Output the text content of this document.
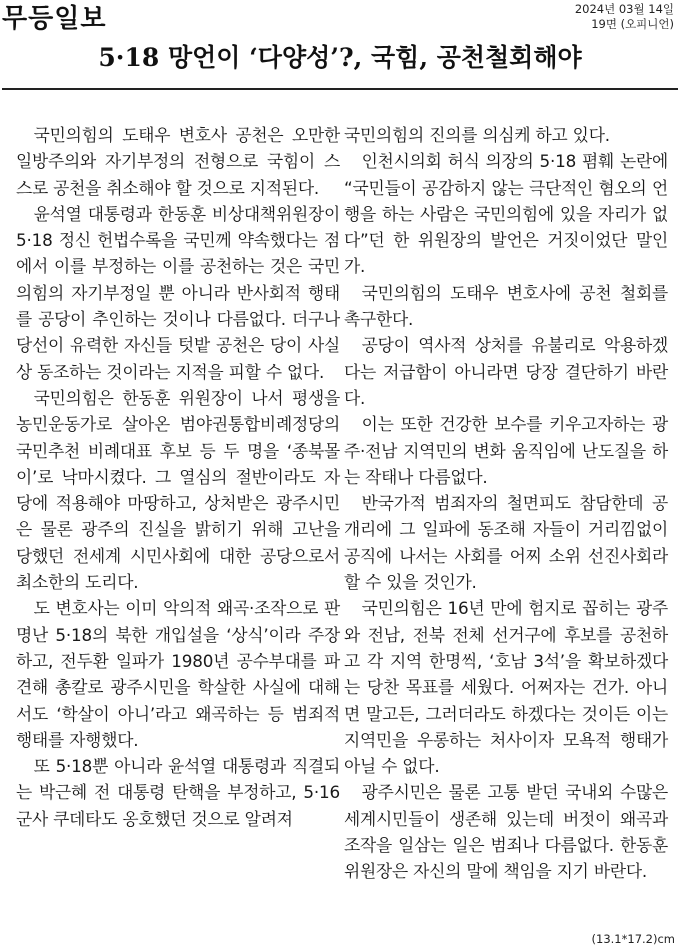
무등일보	2024년 03월 14일
19면 (오피니언)
5·18 망언이 ‘다양성’?, 국힘, 공천철회해야

국민의힘의 도태우 변호사 공천은 오만한 일방주의와 자기부정의 전형으로 국힘이 스스로 공천을 취소해야 할 것으로 지적된다.

윤석열 대통령과 한동훈 비상대책위원장이 5·18 정신 헌법수록을 국민께 약속했다는 점에서 이를 부정하는 이를 공천하는 것은 국민의힘의 자기부정일 뿐 아니라 반사회적 행태를 공당이 추인하는 것이나 다름없다. 더구나 당선이 유력한 자신들 텃밭 공천은 당이 사실상 동조하는 것이라는 지적을 피할 수 없다.

국민의힘은 한동훈 위원장이 나서 평생을 농민운동가로 살아온 범야권통합비례정당의 국민추천 비례대표 후보 등 두 명을 ‘종북몰이’로 낙마시켰다. 그 열심의 절반이라도 자당에 적용해야 마땅하고, 상처받은 광주시민은 물론 광주의 진실을 밝히기 위해 고난을 당했던 전세계 시민사회에 대한 공당으로서 최소한의 도리다.

도 변호사는 이미 악의적 왜곡·조작으로 판명난 5·18의 북한 개입설을 ‘상식’이라 주장하고, 전두환 일파가 1980년 공수부대를 파견해 총칼로 광주시민을 학살한 사실에 대해서도 ‘학살이 아니’라고 왜곡하는 등 범죄적 행태를 자행했다.

또 5·18뿐 아니라 윤석열 대통령과 직결되는 박근혜 전 대통령 탄핵을 부정하고, 5·16 군사 쿠데타도 옹호했던 것으로 알려져

국민의힘의 진의를 의심케 하고 있다.

인천시의회 허식 의장의 5·18 폄훼 논란에 “국민들이 공감하지 않는 극단적인 혐오의 언행을 하는 사람은 국민의힘에 있을 자리가 없다”던 한 위원장의 발언은 거짓이었단 말인가.

국민의힘의 도태우 변호사에 공천 철회를 촉구한다.

공당이 역사적 상처를 유불리로 악용하겠다는 저급함이 아니라면 당장 결단하기 바란다.

이는 또한 건강한 보수를 키우고자하는 광주·전남 지역민의 변화 움직임에 난도질을 하는 작태나 다름없다.

반국가적 범죄자의 철면피도 참담한데 공개리에 그 일파에 동조해 자들이 거리낌없이 공직에 나서는 사회를 어찌 소위 선진사회라 할 수 있을 것인가.

국민의힘은 16년 만에 험지로 꼽히는 광주와 전남, 전북 전체 선거구에 후보를 공천하고 각 지역 한명씩, ‘호남 3석’을 확보하겠다는 당찬 목표를 세웠다. 어쩌자는 건가. 아니면 말고든, 그러더라도 하겠다는 것이든 이는 지역민을 우롱하는 처사이자 모욕적 행태가 아닐 수 없다.

광주시민은 물론 고통 받던 국내외 수많은 세계시민들이 생존해 있는데 버젓이 왜곡과 조작을 일삼는 일은 범죄나 다름없다. 한동훈 위원장은 자신의 말에 책임을 지기 바란다.

(13.1*17.2)cm
